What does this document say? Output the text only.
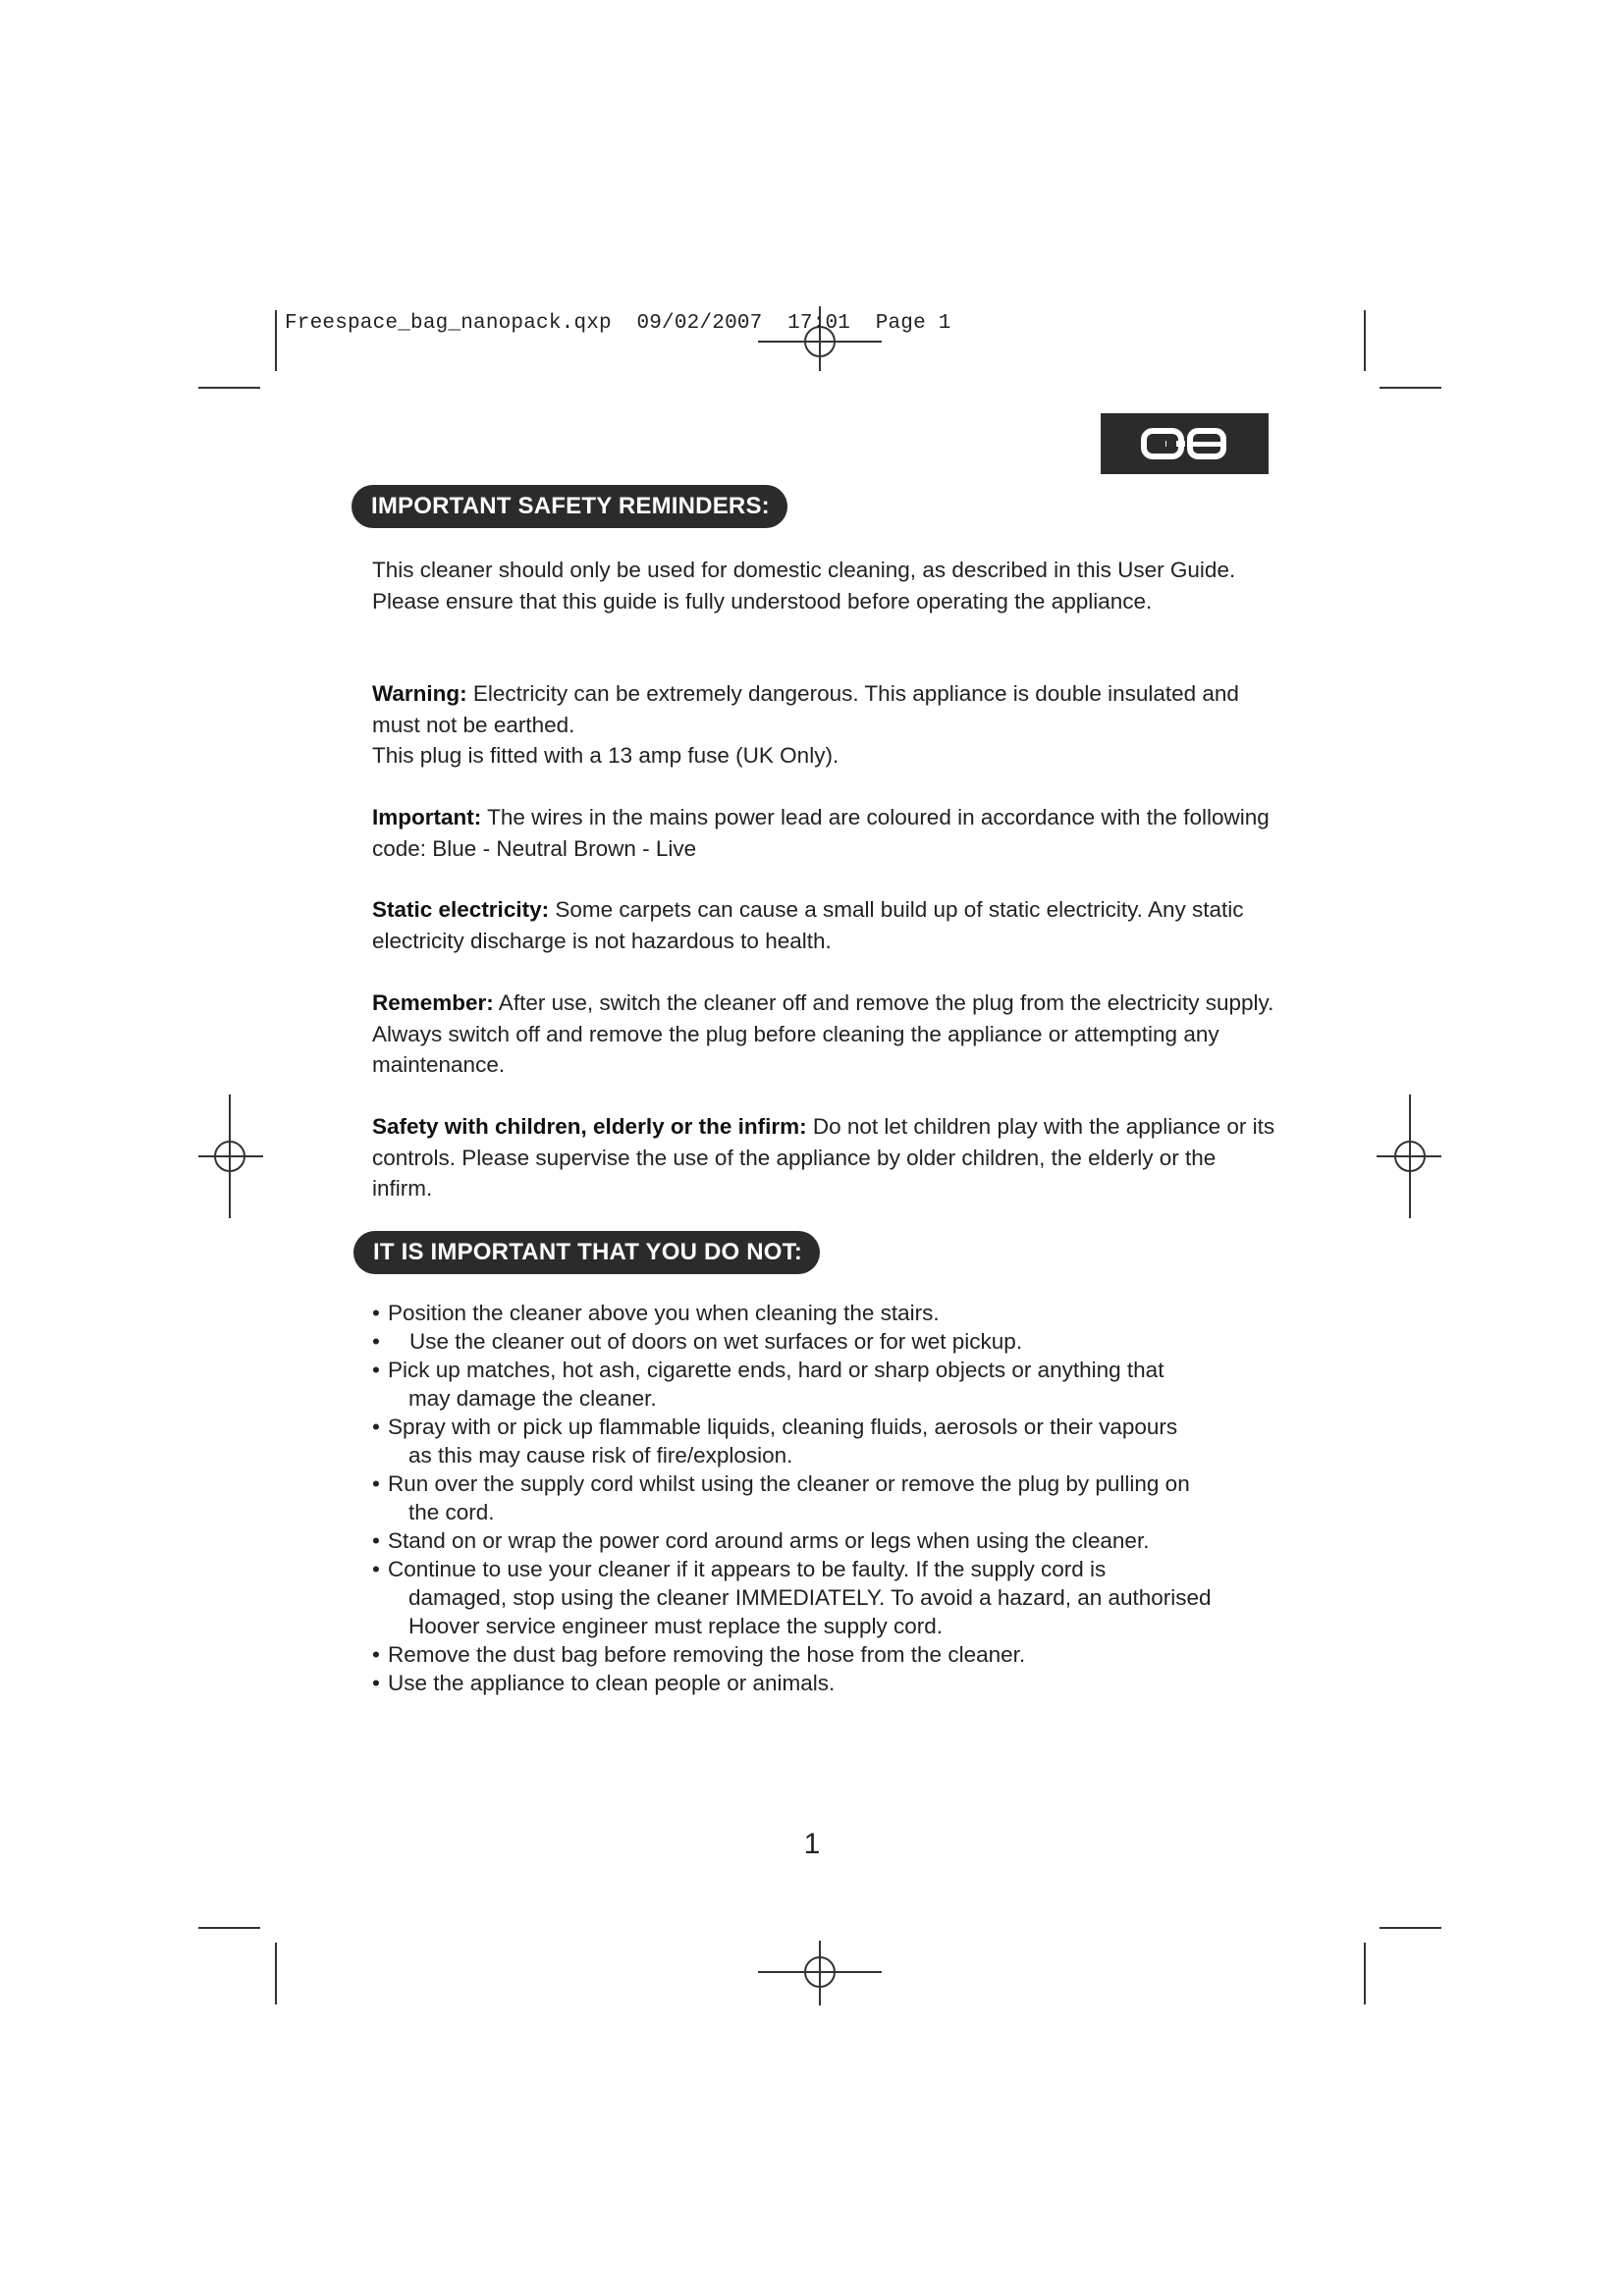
Freespace_bag_nanopack.qxp  09/02/2007  17:01  Page 1
GB
IMPORTANT SAFETY REMINDERS:

This cleaner should only be used for domestic cleaning, as described in this User Guide. Please ensure that this guide is fully understood before operating the appliance.

Warning: Electricity can be extremely dangerous. This appliance is double insulated and must not be earthed.

This plug is fitted with a 13 amp fuse (UK Only).

Important: The wires in the mains power lead are coloured in accordance with the following code: Blue - Neutral Brown - Live

Static electricity: Some carpets can cause a small build up of static electricity. Any static electricity discharge is not hazardous to health.

Remember: After use, switch the cleaner off and remove the plug from the electricity supply. Always switch off and remove the plug before cleaning the appliance or attempting any maintenance.

Safety with children, elderly or the infirm: Do not let children play with the appliance or its controls. Please supervise the use of the appliance by older children, the elderly or the infirm.

IT IS IMPORTANT THAT YOU DO NOT:
• Position the cleaner above you when cleaning the stairs.
• Use the cleaner out of doors on wet surfaces or for wet pickup.
• Pick up matches, hot ash, cigarette ends, hard or sharp objects or anything that
may damage the cleaner.
• Spray with or pick up flammable liquids, cleaning fluids, aerosols or their vapours
as this may cause risk of fire/explosion.
• Run over the supply cord whilst using the cleaner or remove the plug by pulling on
the cord.
• Stand on or wrap the power cord around arms or legs when using the cleaner.
• Continue to use your cleaner if it appears to be faulty. If the supply cord is
damaged, stop using the cleaner IMMEDIATELY. To avoid a hazard, an authorised Hoover service engineer must replace the supply cord.
• Remove the dust bag before removing the hose from the cleaner.
• Use the appliance to clean people or animals.
1
